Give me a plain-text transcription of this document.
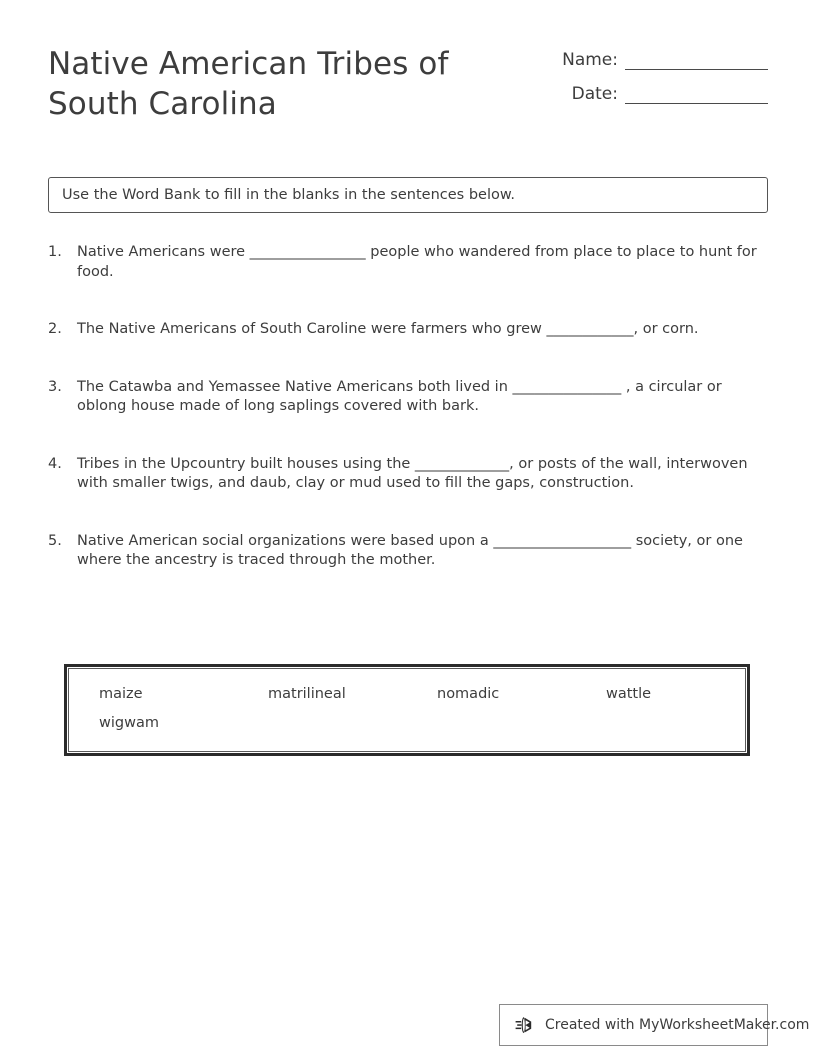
Native American Tribes of South Carolina
Name:
Date:
Use the Word Bank to fill in the blanks in the sentences below.
1.	Native Americans were ________________ people who wandered from place to place to hunt for food.
2.	The Native Americans of South Caroline were farmers who grew ____________, or corn.
3.	The Catawba and Yemassee Native Americans both lived in _______________ , a circular or oblong house made of long saplings covered with bark.
4.	Tribes in the Upcountry built houses using the _____________, or posts of the wall, interwoven with smaller twigs, and daub, clay or mud used to fill the gaps, construction.
5.	Native American social organizations were based upon a ___________________ society, or one where the ancestry is traced through the mother.
maize	matrilineal	nomadic	wattle
wigwam
Created with MyWorksheetMaker.com
